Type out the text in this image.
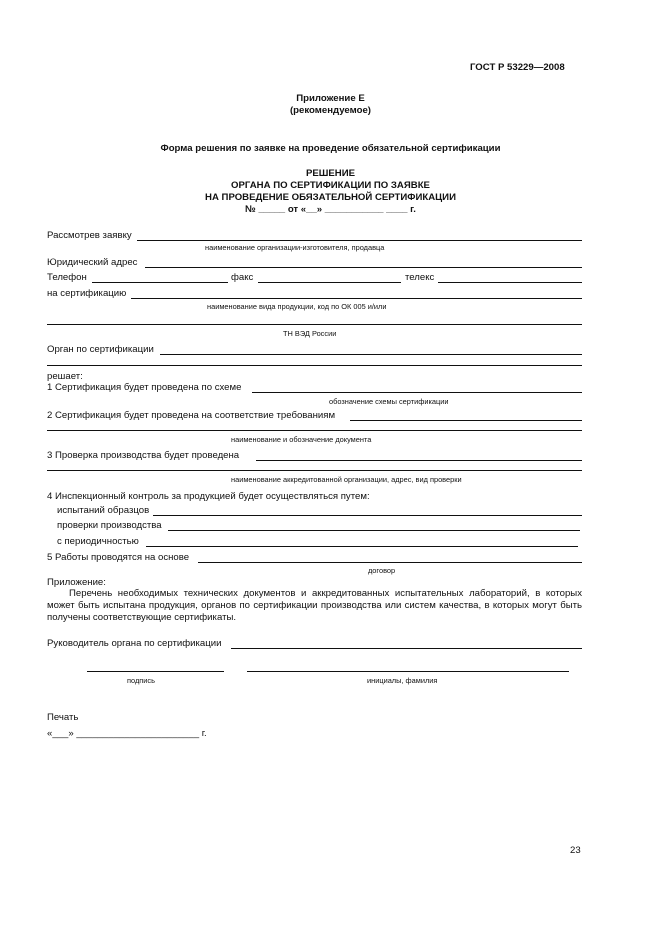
ГОСТ Р 53229—2008
Приложение Е
(рекомендуемое)
Форма решения по заявке на проведение обязательной сертификации
РЕШЕНИЕ
ОРГАНА ПО СЕРТИФИКАЦИИ ПО ЗАЯВКЕ
НА ПРОВЕДЕНИЕ ОБЯЗАТЕЛЬНОЙ СЕРТИФИКАЦИИ
№ _____ от «__» ___________ ____ г.
Рассмотрев заявку
наименование организации-изготовителя, продавца
Юридический адрес
Телефон	факс	телекс
на сертификацию
наименование вида продукции, код по ОК 005 и/или
ТН ВЭД России
Орган по сертификации
решает:
1 Сертификация будет проведена по схеме
обозначение схемы сертификации
2 Сертификация будет проведена на соответствие требованиям
наименование и обозначение документа
3 Проверка производства будет проведена
наименование аккредитованной организации, адрес, вид проверки
4 Инспекционный контроль за продукцией будет осуществляться путем:
испытаний образцов
проверки производства
с периодичностью
5 Работы проводятся на основе
договор
Приложение:
Перечень необходимых технических документов и аккредитованных испытательных лабораторий, в которых может быть испытана продукция, органов по сертификации производства или систем качества, в которых могут быть получены соответствующие сертификаты.
Руководитель органа по сертификации
подпись	инициалы, фамилия
Печать
«___» _______________________ г.
23
